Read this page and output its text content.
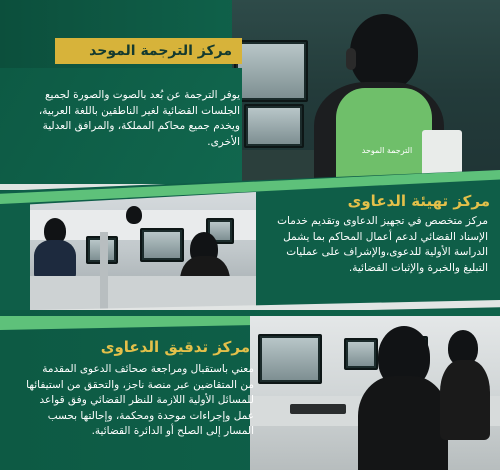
الترجمة الموحد
مركز الترجمة الموحد
يوفر الترجمة عن بُعد بالصوت والصورة لجميع الجلسات القضائية لغير الناطقين باللغة العربية، ويخدم جميع محاكم المملكة، والمرافق العدلية الأخرى.
مركز تهيئة الدعاوى
مركز متخصص في تجهيز الدعاوى وتقديم خدمات الإسناد القضائي لدعم أعمال المحاكم بما يشمل الدراسة الأولية للدعوى،والإشراف على عمليات التبليغ والخبرة والإثبات القضائية.
مركز تدقيق الدعاوى
معني باستقبال ومراجعة صحائف الدعوى المقدمة من المتقاضين عبر منصة ناجز، والتحقق من استيفائها للمسائل الأولية اللازمة للنظر القضائي وفق قواعد عمل وإجراءات موحدة ومحكمة، وإحالتها بحسب المسار إلى الصلح أو الدائرة القضائية.
